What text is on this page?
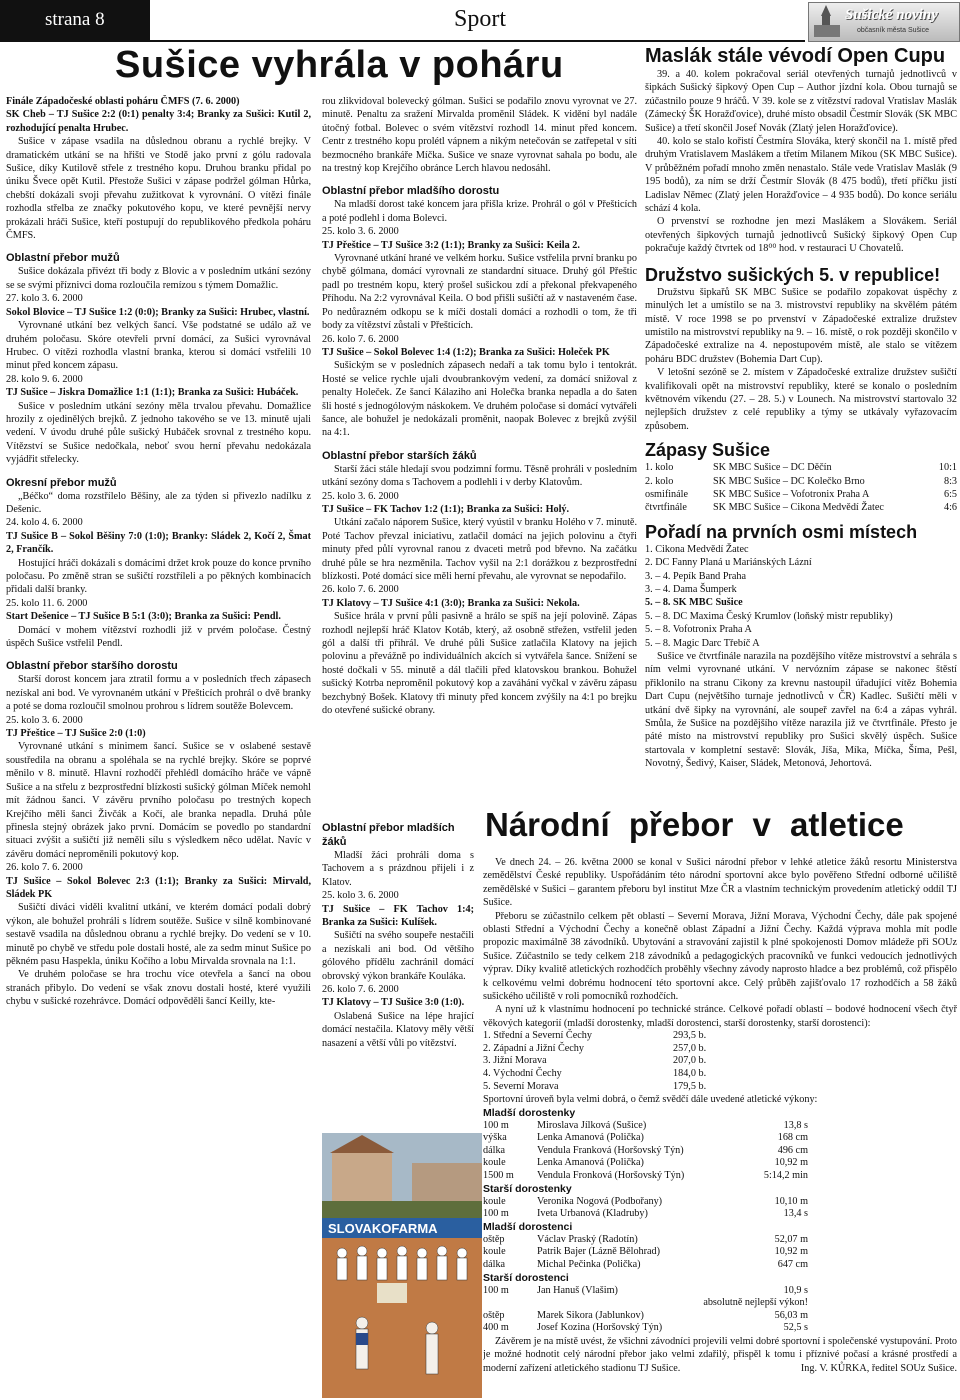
strana 8	Sport	Sušické noviny
občasník města Sušice
Sušice vyhrála v poháru

Finále Západočeské oblasti poháru ČMFS (7. 6. 2000)

SK Cheb – TJ Sušice 2:2 (0:1) penalty 3:4; Branky za Sušici: Kutil 2, rozhodující penalta Hrubec.

Sušice v zápase vsadila na důslednou obranu a rychlé brejky. V dramatickém utkání se na hřišti ve Stodě jako první z gólu radovala Sušice, díky Kutilově střele z trestného kopu. Druhou branku přidal po úniku Švece opět Kutil. Přestože Sušici v zápase podržel gólman Hůrka, chebští dokázali svoji převahu zužitkovat k vyrovnání. O vítězi finále rozhodla střelba ze značky pokutového kopu, ve které pevnější nervy prokázali hráči Sušice, kteří postupují do republikového předkola poháru ČMFS.

Oblastní přebor mužů

Sušice dokázala přivézt tři body z Blovic a v posledním utkání sezóny se se svými příznivci doma rozloučila remízou s týmem Domažlic.

27. kolo 3. 6. 2000

Sokol Blovice – TJ Sušice 1:2 (0:0); Branky za Sušici: Hrubec, vlastní.

Vyrovnané utkání bez velkých šancí. Vše podstatné se událo až ve druhém poločasu. Skóre otevřeli první domácí, za Sušici vyrovnával Hrubec. O vítězi rozhodla vlastní branka, kterou si domácí vstřelili 10 minut před koncem zápasu.

28. kolo 9. 6. 2000

TJ Sušice – Jiskra Domažlice 1:1 (1:1); Branka za Sušici: Hubáček.

Sušice v posledním utkání sezóny měla trvalou převahu. Domažlice hrozily z ojedinělých brejků. Z jednoho takového se ve 13. minutě ujali vedení. V úvodu druhé půle sušický Hubáček srovnal z trestného kopu. Vítězství se Sušice nedočkala, neboť svou herní převahu nedokázala vyjádřit střelecky.

Okresní přebor mužů

„Béčko“ doma rozstřílelo Běšiny, ale za týden si přivezlo nadílku z Dešenic.

24. kolo 4. 6. 2000

TJ Sušice B – Sokol Běšiny 7:0 (1:0); Branky: Sládek 2, Kočí 2, Šmat 2, Frančík.

Hostující hráči dokázali s domácími držet krok pouze do konce prvního poločasu. Po změně stran se sušičtí rozstříleli a po pěkných kombinacích přidali další branky.

25. kolo 11. 6. 2000

Start Dešenice – TJ Sušice B 5:1 (3:0); Branka za Sušici: Pendl.

Domácí v mohem vítězství rozhodli již v prvém poločase. Čestný úspěch Sušice vstřelil Pendl.

Oblastní přebor staršího dorostu

Starší dorost koncem jara ztratil formu a v posledních třech zápasech nezískal ani bod. Ve vyrovnaném utkání v Přešticích prohrál o dvě branky a poté se doma rozloučil smolnou prohrou s lídrem soutěže Bolevcem.

25. kolo 3. 6. 2000

TJ Přeštice – TJ Sušice 2:0 (1:0)

Vyrovnané utkání s minimem šancí. Sušice se v oslabené sestavě soustředila na obranu a spoléhala se na rychlé brejky. Skóre se poprvé měnilo v 8. minutě. Hlavní rozhodčí přehlédl domácího hráče ve vápně Sušice a na střelu z bezprostřední blízkosti sušický gólman Míček nemohl mít žádnou šanci. V závěru prvního poločasu po trestných kopech Krejčího měli šanci Živčák a Kočí, ale branka nepadla. Druhá půle přinesla stejný obrázek jako první. Domácím se povedlo po standardní situaci zvýšit a sušičtí již neměli sílu s výsledkem něco udělat. Navíc v závěru domácí neproměnili pokutový kop.

26. kolo 7. 6. 2000

TJ Sušice – Sokol Bolevec 2:3 (1:1); Branky za Sušici: Mirvald, Sládek PK

Sušičtí diváci viděli kvalitní utkání, ve kterém domácí podali dobrý výkon, ale bohužel prohráli s lídrem soutěže. Sušice v silně kombinované sestavě vsadila na důslednou obranu a rychlé brejky. Do vedení se v 10. minutě po chybě ve středu pole dostali hosté, ale za sedm minut Sušice po pěkném pasu Haspekla, úniku Kočího a lobu Mirvalda srovnala na 1:1.

Ve druhém poločase se hra trochu více otevřela a šancí na obou stranách přibylo. Do vedení se však znovu dostali hosté, které využili chybu v sušické rozehrávce. Domácí odpověděli šancí Keilly, kte-

rou zlikvidoval bolevecký gólman. Sušici se podařilo znovu vyrovnat ve 27. minutě. Penaltu za sražení Mirvalda proměnil Sládek. K vidění byl nadále útočný fotbal. Bolevec o svém vítězství rozhodl 14. minut před koncem. Centr z trestného kopu prolétl vápnem a nikým netečován se zatřepetal v síti bezmocného brankáře Míčka. Sušice ve snaze vyrovnat sahala po bodu, ale na trestný kop Krejčího obránce Lerch hlavou nedosáhl.

Oblastní přebor mladšího dorostu

Na mladší dorost také koncem jara přišla krize. Prohrál o gól v Přešticích a poté podlehl i doma Bolevci.

25. kolo 3. 6. 2000

TJ Přeštice – TJ Sušice 3:2 (1:1); Branky za Sušici: Keila 2.

Vyrovnané utkání hrané ve velkém horku. Sušice vstřelila první branku po chybě gólmana, domácí vyrovnali ze standardní situace. Druhý gól Přeštic padl po trestném kopu, který prošel sušickou zdí a překonal překvapeného Příhodu. Na 2:2 vyrovnával Keila. O bod přišli sušičtí až v nastaveném čase. Po nedůrazném odkopu se k míči dostali domácí a rozhodli o tom, že tři body za vítězství zůstali v Přešticích.

26. kolo 7. 6. 2000

TJ Sušice – Sokol Bolevec 1:4 (1:2); Branka za Sušici: Holeček PK

Sušickým se v posledních zápasech nedaří a tak tomu bylo i tentokrát. Hosté se velice rychle ujali dvoubrankovým vedení, za domácí snižoval z penalty Holeček. Ze šancí Kálaziho ani Holečka branka nepadla a do šaten šli hosté s jednogólovým náskokem. Ve druhém poločase si domácí vytvářeli šance, ale bohužel je nedokázali proměnit, naopak Bolevec z brejků zvýšil na 4:1.

Oblastní přebor starších žáků

Starší žáci stále hledají svou podzimní formu. Těsně prohráli v posledním utkání sezóny doma s Tachovem a podlehli i v derby Klatovům.

25. kolo 3. 6. 2000

TJ Sušice – FK Tachov 1:2 (1:1); Branka za Sušici: Holý.

Utkání začalo náporem Sušice, který vyústil v branku Holého v 7. minutě. Poté Tachov převzal iniciativu, zatlačil domácí na jejich polovinu a čtyři minuty před půlí vyrovnal ranou z dvaceti metrů pod břevno. Na začátku druhé půle se hra nezměnila. Tachov vyšil na 2:1 dorážkou z bezprostřední blízkosti. Poté domácí sice měli herní převahu, ale vyrovnat se nepodařilo.

26. kolo 7. 6. 2000

TJ Klatovy – TJ Sušice 4:1 (3:0); Branka za Sušici: Nekola.

Sušice hrála v první půli pasivně a hrálo se spíš na její polovině. Zápas rozhodl nejlepší hráč Klatov Kotáb, který, až osobně střežen, vstřelil jeden gól a další tři přihrál. Ve druhé půli Sušice zatlačila Klatovy na jejich polovinu a převážně po individuálních akcích si vytvářela šance. Snížení se hosté dočkali v 55. minutě a dál tlačili před klatovskou brankou. Bohužel sušický Kotrba neproměnil pokutový kop a zaváhání vyčkal v závěru zápasu bezchybný Bošek. Klatovy tři minuty před koncem zvýšily na 4:1 po brejku do otevřené sušické obrany.

Oblastní přebor mladších žáků

Mladší žáci prohráli doma s Tachovem a s prázdnou přijeli i z Klatov.

25. kolo 3. 6. 2000

TJ Sušice – FK Tachov 1:4; Branka za Sušici: Kulíšek.

Sušičtí na svého soupeře nestačili a nezískali ani bod. Od většího gólového přídělu zachránil domácí obrovský výkon brankáře Kouláka.

26. kolo 7. 6. 2000

TJ Klatovy – TJ Sušice 3:0 (1:0).

Oslabená Sušice na lépe hrající domácí nestačila. Klatovy měly větší nasazení a větší vůli po vítězství.

Maslák stále vévodí Open Cupu

39. a 40. kolem pokračoval seriál otevřených turnajů jednotlivců v šipkách Sušický šipkový Open Cup – Author jízdní kola. Obou turnajů se zúčastnilo pouze 9 hráčů. V 39. kole se z vítězství radoval Vratislav Maslák (Zámecký ŠK Horažďovice), druhé místo obsadil Čestmír Slovák (SK MBC Sušice) a třetí skončil Josef Novák (Zlatý jelen Horažďovice).

40. kolo se stalo kořistí Čestmíra Slováka, který skončil na 1. místě před druhým Vratislavem Maslákem a třetím Milanem Míkou (SK MBC Sušice). V průběžném pořadí mnoho změn nenastalo. Stále vede Vratislav Maslák (9 195 bodů), za ním se drží Čestmír Slovák (8 475 bodů), třetí příčku jistí Ladislav Němec (Zlatý jelen Horažďovice – 4 935 bodů). Do konce seriálu schází 4 kola.

O prvenství se rozhodne jen mezi Maslákem a Slovákem. Seriál otevřených šipkových turnajů jednotlivců Sušický šipkový Open Cup pokračuje každý čtvrtek od 18⁰⁰ hod. v restauraci U Chovatelů.

Družstvo sušických 5. v republice!

Družstvu šipkařů SK MBC Sušice se podařilo zopakovat úspěchy z minulých let a umístilo se na 3. mistrovství republiky na skvělém pátém místě. V roce 1998 se po prvenství v Západočeské extralize družstev umístilo na mistrovství republiky na 9. – 16. místě, o rok později skončilo v Západočeské extralize na 4. nepostupovém místě, ale stalo se vítězem poháru BDC družstev (Bohemia Dart Cup).

V letošní sezóně se 2. místem v Západočeské extralize družstev sušičtí kvalifikovali opět na mistrovství republiky, které se konalo o posledním květnovém víkendu (27. – 28. 5.) v Lounech. Na mistrovství startovalo 32 nejlepších družstev z celé republiky a týmy se utkávaly vyřazovacím způsobem.

Zápasy Sušice
1. kolo	SK MBC Sušice – DC Děčín	10:1
2. kolo	SK MBC Sušice – DC Kolečko Brno	8:3
osmifinále	SK MBC Sušice – Vofotronix Praha A	6:5
čtvrtfinále	SK MBC Sušice – Cikona Medvědí Žatec	4:6
Pořadí na prvních osmi místech
1. Cikona Medvědí Žatec
2. DC Fanny Planá u Mariánských Lázní
3. – 4. Pepík Band Praha
3. – 4. Dama Šumperk
5. – 8. SK MBC Sušice
5. – 8. DC Maxima Český Krumlov (loňský mistr republiky)
5. – 8. Vofotronix Praha A
5. – 8. Magic Darc Třebíč A

Sušice ve čtvrtfinále narazila na pozdějšího vítěze mistrovství a sehrála s ním velmi vyrovnané utkání. V nervózním zápase se nakonec štěstí přiklonilo na stranu Cikony za krevnu nastoupil úřadující vítěz Bohemia Dart Cupu (největšího turnaje jednotlivců v ČR) Kadlec. Sušičtí měli v utkání dvě šipky na vyrovnání, ale soupeř zavřel na 6:4 a zápas vyhrál. Smůla, že Sušice na pozdějšího vítěze narazila již ve čtvrtfinále. Přesto je páté místo na mistrovství republiky pro Sušici skvělý úspěch. Sušice startovala v kompletní sestavě: Slovák, Jíša, Míka, Míčka, Šíma, Pešl, Novotný, Šedivý, Kaiser, Sládek, Metonová, Jehortová.

Národní přebor v atletice

Ve dnech 24. – 26. května 2000 se konal v Sušici národní přebor v lehké atletice žáků resortu Ministerstva zemědělství České republiky. Uspořádáním této národní sportovní akce bylo pověřeno Střední odborné učiliště zemědělské v Sušici – garantem přeboru byl institut Mze ČR a vlastním technickým provedením atletický oddíl TJ Sušice.

Přeboru se zúčastnilo celkem pět oblastí – Severní Morava, Jižní Morava, Východní Čechy, dále pak spojené oblasti Střední a Východní Čechy a konečně oblast Západní a Jižní Čechy. Každá výprava mohla mít podle propozic maximálně 38 závodníků. Ubytování a stravování zajistil k plné spokojenosti Domov mládeže při SOUz Sušice. Zúčastnilo se tedy celkem 218 závodníků a pedagogických pracovníků ve funkci vedoucích jednotlivých výprav. Díky kvalitě atletických rozhodčích proběhly všechny závody naprosto hladce a bez problémů, což přispělo k celkovému velmi dobrému hodnocení této sportovní akce. Celý průběh zajišťovalo 17 rozhodčích a 58 žáků sušického učiliště v roli pomocníků rozhodčích.

A nyní už k vlastnímu hodnocení po technické stránce. Celkové pořadí oblastí – bodové hodnocení všech čtyř věkových kategorií (mladší dorostenky, mladší dorostenci, starší dorostenky, starší dorostenci):

1. Střední a Severní Čechy	293,5 b.
2. Západní a Jižní Čechy	257,0 b.
3. Jižní Morava	207,0 b.
4. Východní Čechy	184,0 b.
5. Severní Morava	179,5 b.

Sportovní úroveň byla velmi dobrá, o čemž svědčí dále uvedené atletické výkony:

Mladší dorostenky
100 m	Miroslava Jílková (Sušice)	13,8 s
výška	Lenka Amanová (Polička)	168 cm
dálka	Vendula Franková (Horšovský Týn)	496 cm
koule	Lenka Amanová (Polička)	10,92 m
1500 m	Vendula Fronková (Horšovský Týn)	5:14,2 min
Starší dorostenky
koule	Veronika Nogová (Podbořany)	10,10 m
100 m	Iveta Urbanová (Kladruby)	13,4 s
Mladší dorostenci
oštěp	Václav Praský (Radotín)	52,07 m
koule	Patrik Bajer (Lázně Bělohrad)	10,92 m
dálka	Michal Pečinka (Polička)	647 cm
Starší dorostenci
100 m	Jan Hanuš (Vlašim)	10,9 s
		absolutně nejlepší výkon!
oštěp	Marek Sikora (Jablunkov)	56,03 m
400 m	Josef Kozina (Horšovský Týn)	52,5 s

Závěrem je na místě uvést, že všichni závodníci projevili velmi dobré sportovní i společenské vystupování. Proto je možné hodnotit celý národní přebor jako velmi zdařilý, přispěl k tomu i příznivé počasí a krásné prostředí a moderní zařízení atletického stadionu TJ Sušice.	Ing. V. KŮRKA, ředitel SOUz Sušice.

SLOVAKOFARMA
